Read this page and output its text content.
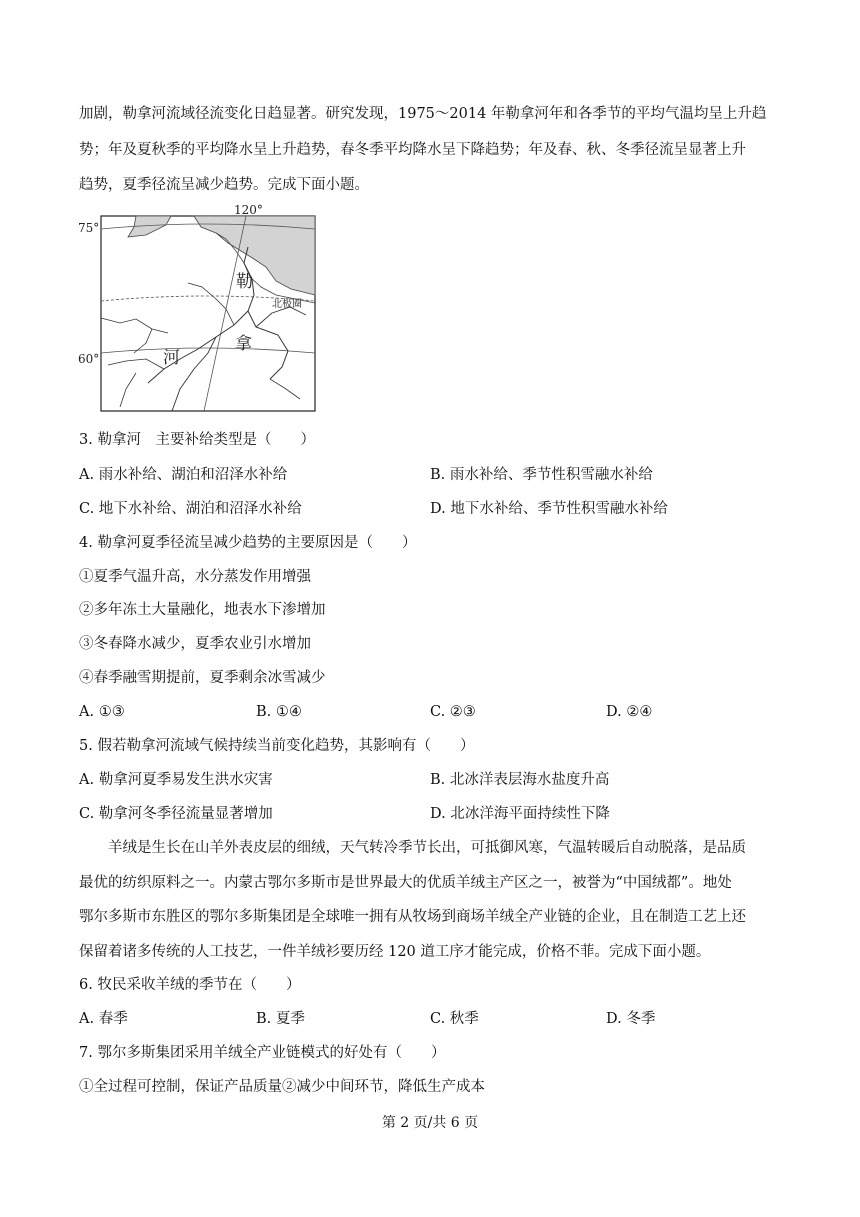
加剧，勒拿河流域径流变化日趋显著。研究发现，1975～2014 年勒拿河年和各季节的平均气温均呈上升趋
势；年及夏秋季的平均降水呈上升趋势，春冬季平均降水呈下降趋势；年及春、秋、冬季径流呈显著上升
趋势，夏季径流呈减少趋势。完成下面小题。
75°
60°
120°
北极圈
勒
拿
河
3. 勒拿河　主要补给类型是（　　）
A. 雨水补给、湖泊和沼泽水补给	B. 雨水补给、季节性积雪融水补给
C. 地下水补给、湖泊和沼泽水补给	D. 地下水补给、季节性积雪融水补给
4. 勒拿河夏季径流呈减少趋势的主要原因是（　　）
①夏季气温升高，水分蒸发作用增强
②多年冻土大量融化，地表水下渗增加
③冬春降水减少，夏季农业引水增加
④春季融雪期提前，夏季剩余冰雪减少
A. ①③	B. ①④	C. ②③	D. ②④
5. 假若勒拿河流域气候持续当前变化趋势，其影响有（　　）
A. 勒拿河夏季易发生洪水灾害	B. 北冰洋表层海水盐度升高
C. 勒拿河冬季径流量显著增加	D. 北冰洋海平面持续性下降
羊绒是生长在山羊外表皮层的细绒，天气转冷季节长出，可抵御风寒，气温转暖后自动脱落，是品质
最优的纺织原料之一。内蒙古鄂尔多斯市是世界最大的优质羊绒主产区之一，被誉为“中国绒都”。地处
鄂尔多斯市东胜区的鄂尔多斯集团是全球唯一拥有从牧场到商场羊绒全产业链的企业，且在制造工艺上还
保留着诸多传统的人工技艺，一件羊绒衫要历经 120 道工序才能完成，价格不菲。完成下面小题。
6. 牧民采收羊绒的季节在（　　）
A. 春季	B. 夏季	C. 秋季	D. 冬季
7. 鄂尔多斯集团采用羊绒全产业链模式的好处有（　　）
①全过程可控制，保证产品质量②减少中间环节，降低生产成本
第 2 页/共 6 页
